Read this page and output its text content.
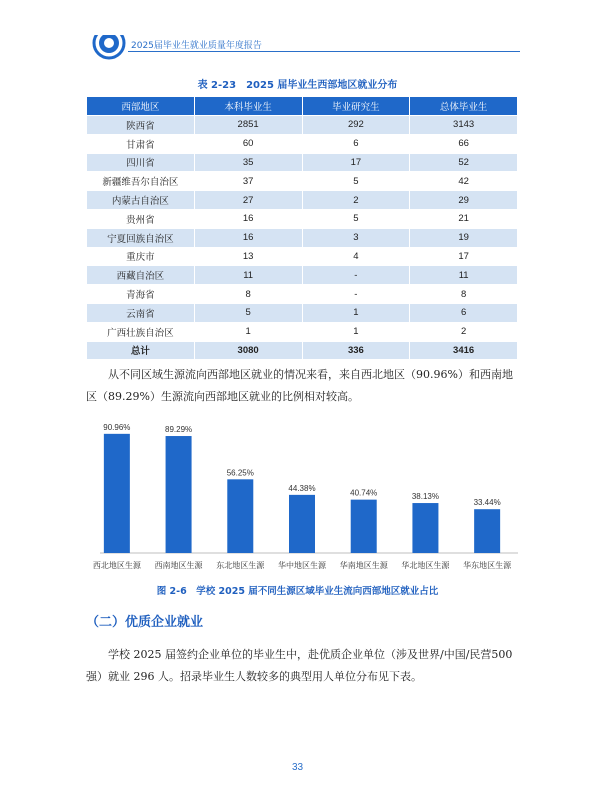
2025届毕业生就业质量年度报告
表 2-23　2025 届毕业生西部地区就业分布
西部地区	本科毕业生	毕业研究生	总体毕业生
陕西省	2851	292	3143
甘肃省	60	6	66
四川省	35	17	52
新疆维吾尔自治区	37	5	42
内蒙古自治区	27	2	29
贵州省	16	5	21
宁夏回族自治区	16	3	19
重庆市	13	4	17
西藏自治区	11	-	11
青海省	8	-	8
云南省	5	1	6
广西壮族自治区	1	1	2
总计	3080	336	3416
从不同区域生源流向西部地区就业的情况来看，来自西北地区（90.96%）和西南地区（89.29%）生源流向西部地区就业的比例相对较高。
90.96%
西北地区生源
89.29%
西南地区生源
56.25%
东北地区生源
44.38%
华中地区生源
40.74%
华南地区生源
38.13%
华北地区生源
33.44%
华东地区生源
图 2-6　学校 2025 届不同生源区域毕业生流向西部地区就业占比
（二）优质企业就业
学校 2025 届签约企业单位的毕业生中，赴优质企业单位（涉及世界/中国/民营500 强）就业 296 人。招录毕业生人数较多的典型用人单位分布见下表。
33
